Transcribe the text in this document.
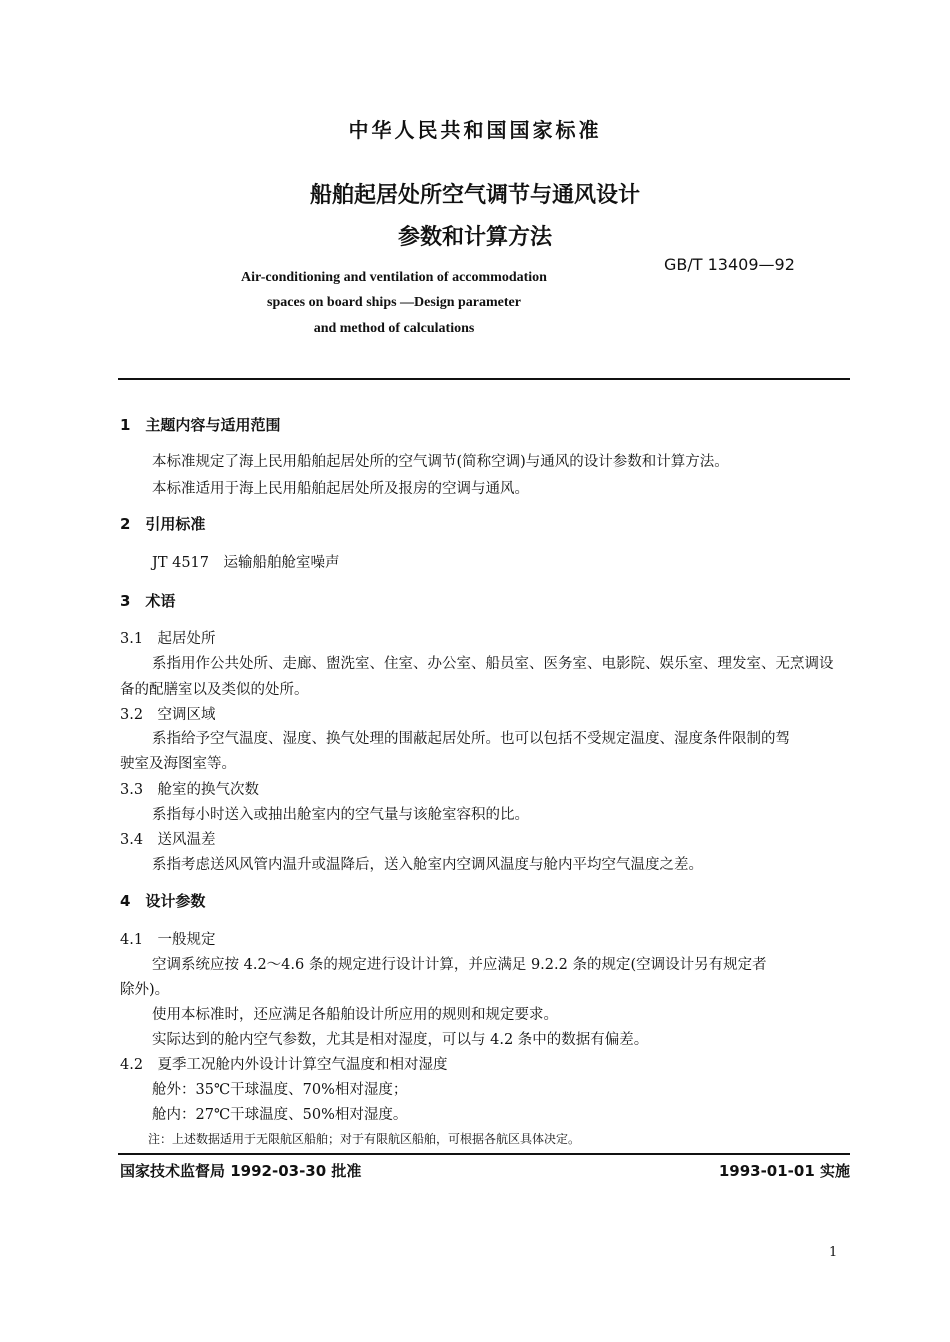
中华人民共和国国家标准
船舶起居处所空气调节与通风设计
参数和计算方法
GB/T 13409—92
Air-conditioning and ventilation of accommodation
spaces on board ships —Design parameter
and method of calculations
1　主题内容与适用范围
本标准规定了海上民用船舶起居处所的空气调节(简称空调)与通风的设计参数和计算方法。
本标准适用于海上民用船舶起居处所及报房的空调与通风。
2　引用标准
JT 4517　运输船舶舱室噪声
3　术语
3.1　起居处所
系指用作公共处所、走廊、盥洗室、住室、办公室、船员室、医务室、电影院、娱乐室、理发室、无烹调设
备的配膳室以及类似的处所。
3.2　空调区域
系指给予空气温度、湿度、换气处理的围蔽起居处所。也可以包括不受规定温度、湿度条件限制的驾
驶室及海图室等。
3.3　舱室的换气次数
系指每小时送入或抽出舱室内的空气量与该舱室容积的比。
3.4　送风温差
系指考虑送风风管内温升或温降后，送入舱室内空调风温度与舱内平均空气温度之差。
4　设计参数
4.1　一般规定
空调系统应按 4.2～4.6 条的规定进行设计计算，并应满足 9.2.2 条的规定(空调设计另有规定者
除外)。
使用本标准时，还应满足各船舶设计所应用的规则和规定要求。
实际达到的舱内空气参数，尤其是相对湿度，可以与 4.2 条中的数据有偏差。
4.2　夏季工况舱内外设计计算空气温度和相对湿度
舱外：35℃干球温度、70%相对湿度；
舱内：27℃干球温度、50%相对湿度。
注：上述数据适用于无限航区船舶；对于有限航区船舶，可根据各航区具体决定。
国家技术监督局 1992-03-30 批准	1993-01-01 实施
1
